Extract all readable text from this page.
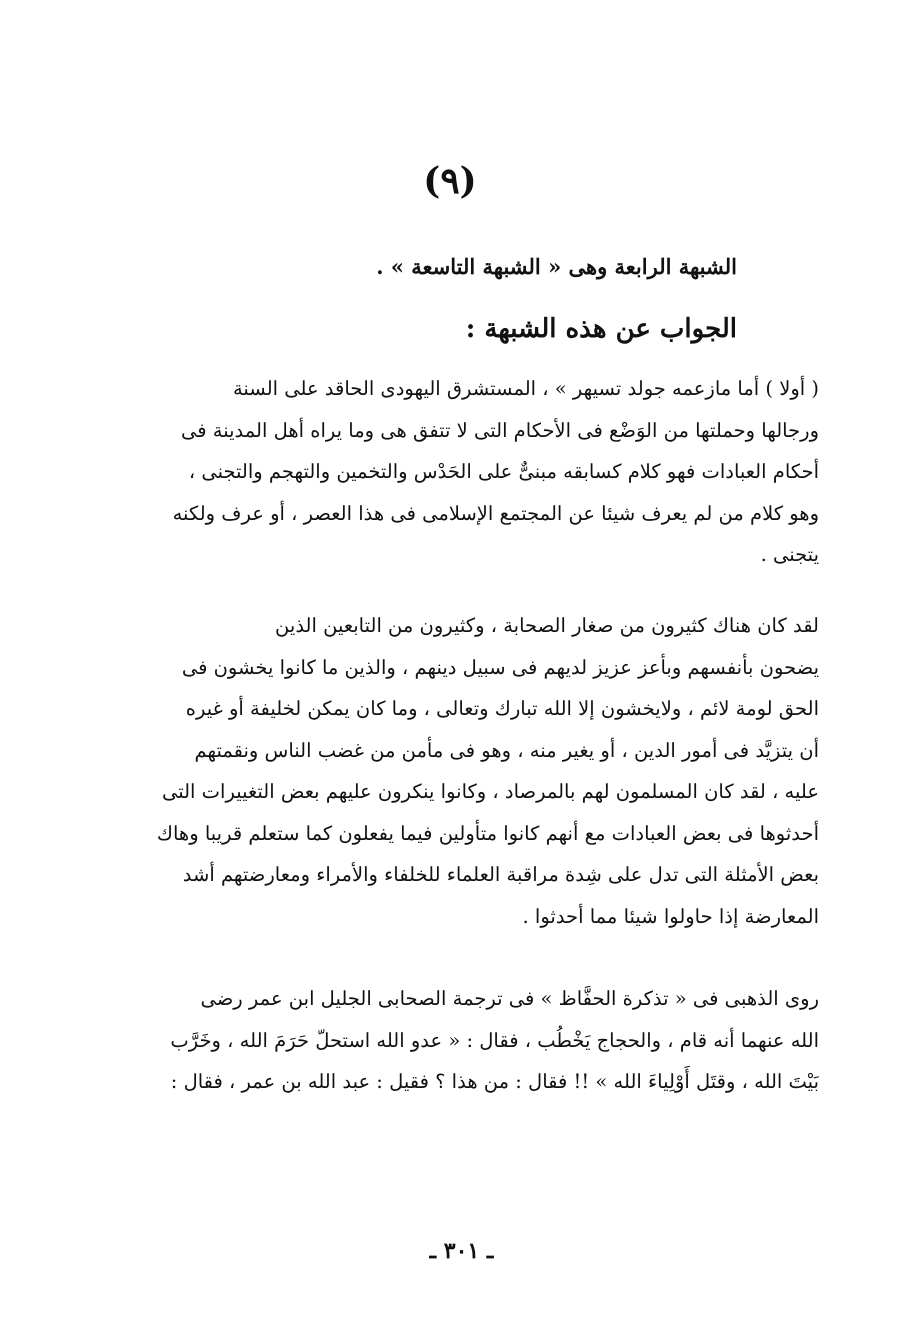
(٩)
الشبهة الرابعة وهى « الشبهة التاسعة » .
الجواب عن هذه الشبهة :
( أولا ) أما مازعمه جولد تسيهر » ، المستشرق اليهودى الحاقد على السنة
ورجالها وحملتها من الوَضْع فى الأحكام التى لا تتفق هى وما يراه أهل المدينة فى
أحكام العبادات فهو كلام كسابقه مبنىٌّ على الحَدْس والتخمين والتهجم والتجنى ،
وهو كلام من لم يعرف شيئا عن المجتمع الإسلامى فى هذا العصر ، أو عرف ولكنه
يتجنى .
لقد كان هناك كثيرون من صغار الصحابة ، وكثيرون من التابعين الذين
يضحون بأنفسهم وبأعز عزيز لديهم فى سبيل دينهم ، والذين ما كانوا يخشون فى
الحق لومة لائم ، ولايخشون إلا الله تبارك وتعالى ، وما كان يمكن لخليفة أو غيره
أن يتزيَّد فى أمور الدين ، أو يغير منه ، وهو فى مأمن من غضب الناس ونقمتهم
عليه ، لقد كان المسلمون لهم بالمرصاد ، وكانوا ينكرون عليهم بعض التغييرات التى
أحدثوها فى بعض العبادات مع أنهم كانوا متأولين فيما يفعلون كما ستعلم قريبا وهاك
بعض الأمثلة التى تدل على شِدة مراقبة العلماء للخلفاء والأمراء ومعارضتهم أشد
المعارضة إذا حاولوا شيئا مما أحدثوا .
روى الذهبى فى « تذكرة الحفَّاظ » فى ترجمة الصحابى الجليل ابن عمر رضى
الله عنهما أنه قام ، والحجاج يَخْطُب ، فقال : « عدو الله استحلّ حَرَمَ الله ، وخَرَّب
بَيْتَ الله ، وقتَل أَوْلِياءَ الله » !! فقال : من هذا ؟ فقيل : عبد الله بن عمر ، فقال :
ـ ٣٠١ ـ
